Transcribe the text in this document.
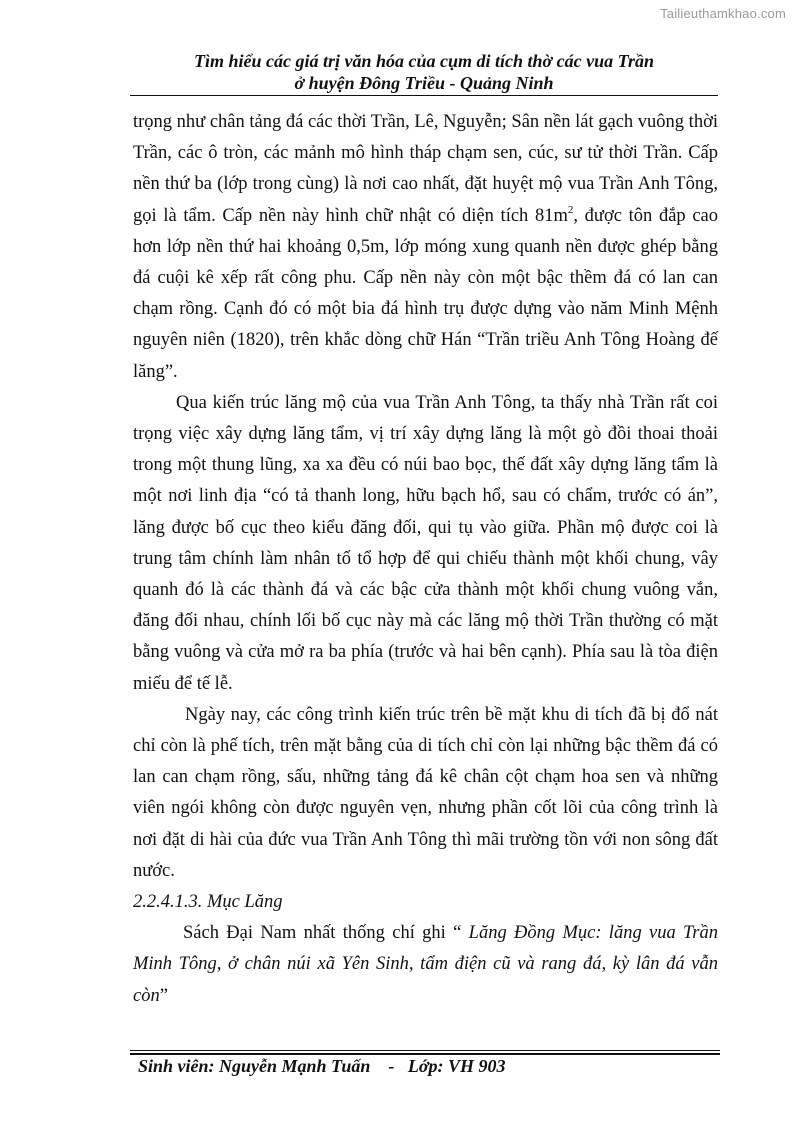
Tailieuthamkhao.com
Tìm hiểu các giá trị văn hóa của cụm di tích thờ các vua Trần
ở huyện Đông Triều - Quảng Ninh

trọng như chân tảng đá các thời Trần, Lê, Nguyễn; Sân nền lát gạch vuông thời Trần, các ô tròn, các mảnh mô hình tháp chạm sen, cúc, sư tử thời Trần. Cấp nền thứ ba (lớp trong cùng) là nơi cao nhất, đặt huyệt mộ vua Trần Anh Tông, gọi là tẩm. Cấp nền này hình chữ nhật có diện tích $81m^2$, được tôn đắp cao hơn lớp nền thứ hai khoảng 0,5m, lớp móng xung quanh nền được ghép bằng đá cuội kê xếp rất công phu. Cấp nền này còn một bậc thềm đá có lan can chạm rồng. Cạnh đó có một bia đá hình trụ được dựng vào năm Minh Mệnh nguyên niên (1820), trên khắc dòng chữ Hán “Trần triều Anh Tông Hoàng đế lăng”.

Qua kiến trúc lăng mộ của vua Trần Anh Tông, ta thấy nhà Trần rất coi trọng việc xây dựng lăng tẩm, vị trí xây dựng lăng là một gò đồi thoai thoải trong một thung lũng, xa xa đều có núi bao bọc, thế đất xây dựng lăng tẩm là một nơi linh địa “có tả thanh long, hữu bạch hổ, sau có chẩm, trước có án”, lăng được bố cục theo kiểu đăng đối, qui tụ vào giữa. Phần mộ được coi là trung tâm chính làm nhân tố tổ hợp để qui chiếu thành một khối chung, vây quanh đó là các thành đá và các bậc cửa thành một khối chung vuông vắn, đăng đối nhau, chính lối bố cục này mà các lăng mộ thời Trần thường có mặt bằng vuông và cửa mở ra ba phía (trước và hai bên cạnh). Phía sau là tòa điện miếu để tế lễ.

Ngày nay, các công trình kiến trúc trên bề mặt khu di tích đã bị đổ nát chỉ còn là phế tích, trên mặt bằng của di tích chỉ còn lại những bậc thềm đá có lan can chạm rồng, sấu, những tảng đá kê chân cột chạm hoa sen và những viên ngói không còn được nguyên vẹn, nhưng phần cốt lõi của công trình là nơi đặt di hài của đức vua Trần Anh Tông thì mãi trường tồn với non sông đất nước.

2.2.4.1.3. Mục Lăng

Sách Đại Nam nhất thống chí ghi “ Lăng Đồng Mục: lăng vua Trần Minh Tông, ở chân núi xã Yên Sinh, tẩm điện cũ và rang đá, kỳ lân đá vẫn còn”

Sinh viên: Nguyễn Mạnh Tuấn    -   Lớp: VH 903
